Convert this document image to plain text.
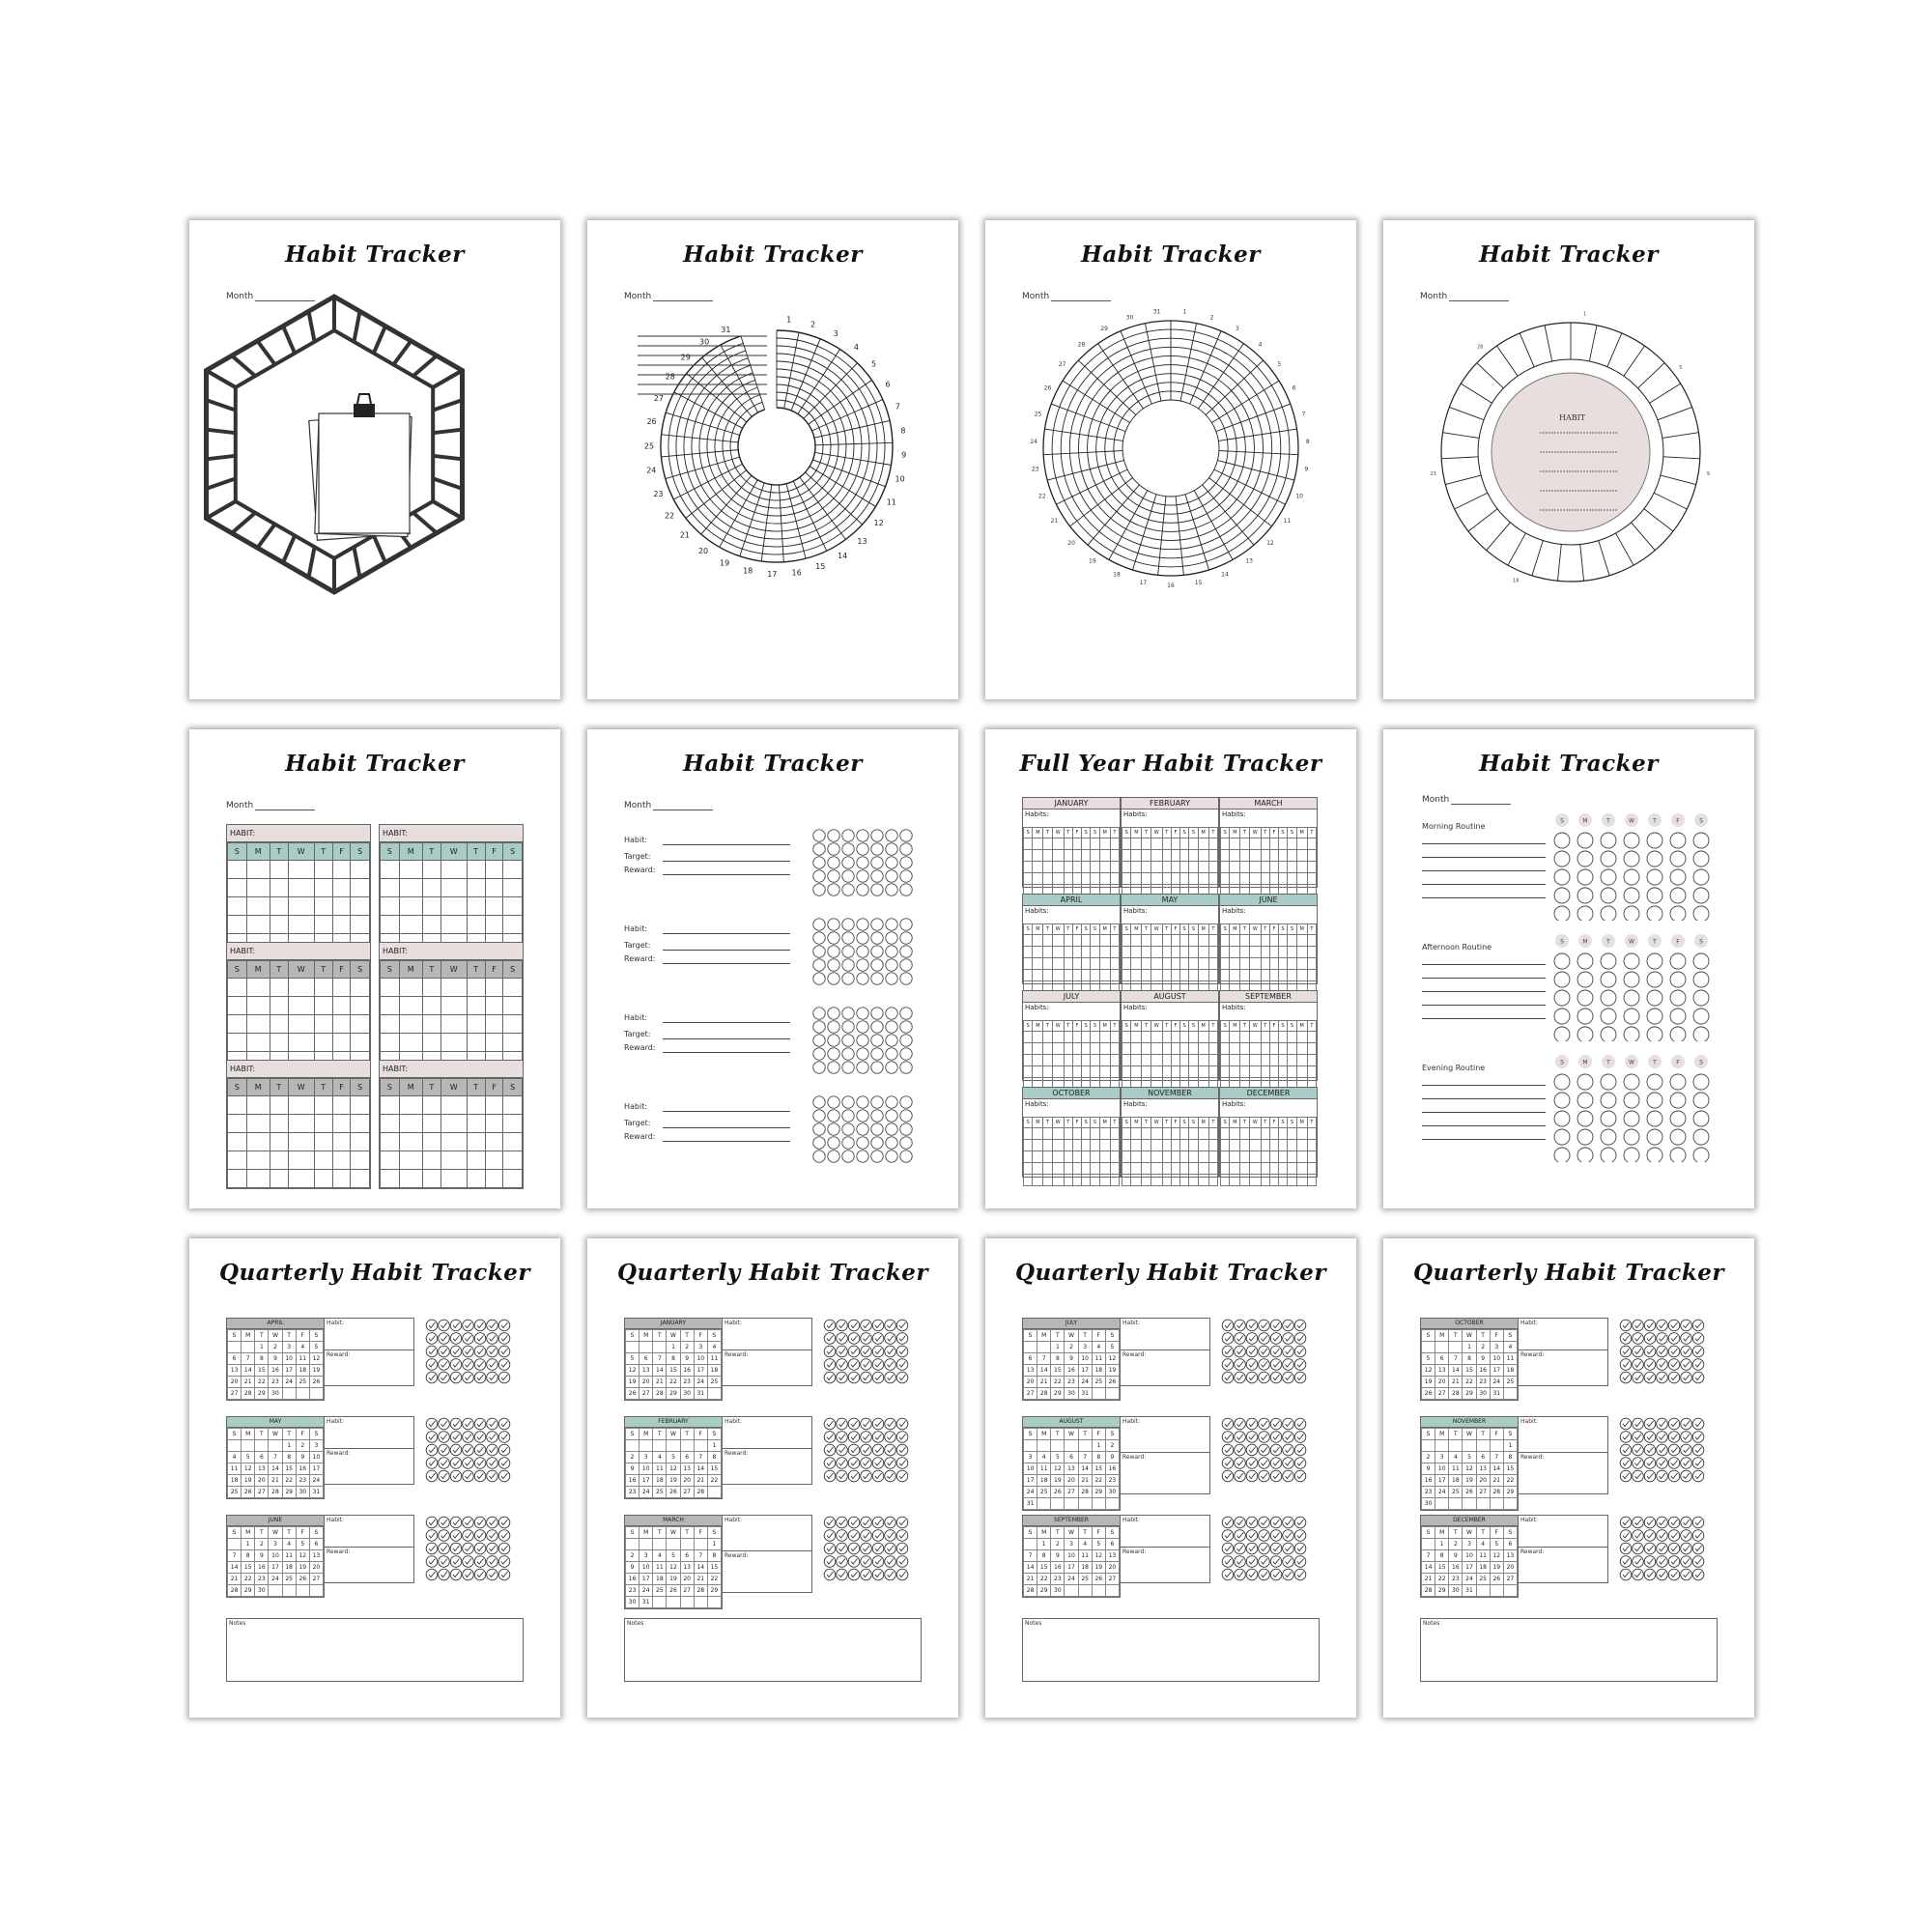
Habit Tracker
Month
Habit Tracker
Month
1
2
3
4
5
6
7
8
9
10
11
12
13
14
15
16
17
18
19
20
21
22
23
24
25
26
27
28
29
30
31
Habit Tracker
Month
1
2
3
4
5
6
7
8
9
10
11
12
13
14
15
16
17
18
19
20
21
22
23
24
25
26
27
28
29
30
31
Habit Tracker
Month
HABIT
1
5
9
18
23
28
Habit Tracker
Month
HABIT:
S	M	T	W	T	F	S

HABIT:
S	M	T	W	T	F	S

HABIT:
S	M	T	W	T	F	S

HABIT:
S	M	T	W	T	F	S

HABIT:
S	M	T	W	T	F	S

HABIT:
S	M	T	W	T	F	S

Habit Tracker
Month
Habit:
Target:
Reward:
Habit:
Target:
Reward:
Habit:
Target:
Reward:
Habit:
Target:
Reward:
Full Year Habit Tracker
JANUARY
Habits:
S	M	T	W	T	F	S	S	M	T

FEBRUARY
Habits:
S	M	T	W	T	F	S	S	M	T

MARCH
Habits:
S	M	T	W	T	F	S	S	M	T

APRIL
Habits:
S	M	T	W	T	F	S	S	M	T

MAY
Habits:
S	M	T	W	T	F	S	S	M	T

JUNE
Habits:
S	M	T	W	T	F	S	S	M	T

JULY
Habits:
S	M	T	W	T	F	S	S	M	T

AUGUST
Habits:
S	M	T	W	T	F	S	S	M	T

SEPTEMBER
Habits:
S	M	T	W	T	F	S	S	M	T

OCTOBER
Habits:
S	M	T	W	T	F	S	S	M	T

NOVEMBER
Habits:
S	M	T	W	T	F	S	S	M	T

DECEMBER
Habits:
S	M	T	W	T	F	S	S	M	T

Habit Tracker
Month
Morning Routine
S	M	T	W	T	F	S
Afternoon Routine
S	M	T	W	T	F	S
Evening Routine
S	M	T	W	T	F	S
Quarterly Habit Tracker
APRIL
S	M	T	W	T	F	S
		1	2	3	4	5
6	7	8	9	10	11	12
13	14	15	16	17	18	19
20	21	22	23	24	25	26
27	28	29	30			
Habit:
Reward:
MAY
S	M	T	W	T	F	S
				1	2	3
4	5	6	7	8	9	10
11	12	13	14	15	16	17
18	19	20	21	22	23	24
25	26	27	28	29	30	31
Habit:
Reward:
JUNE
S	M	T	W	T	F	S
	1	2	3	4	5	6
7	8	9	10	11	12	13
14	15	16	17	18	19	20
21	22	23	24	25	26	27
28	29	30				
Habit:
Reward:
Notes
Quarterly Habit Tracker
JANUARY
S	M	T	W	T	F	S
			1	2	3	4
5	6	7	8	9	10	11
12	13	14	15	16	17	18
19	20	21	22	23	24	25
26	27	28	29	30	31	
Habit:
Reward:
FEBRUARY
S	M	T	W	T	F	S
						1
2	3	4	5	6	7	8
9	10	11	12	13	14	15
16	17	18	19	20	21	22
23	24	25	26	27	28	
Habit:
Reward:
MARCH
S	M	T	W	T	F	S
						1
2	3	4	5	6	7	8
9	10	11	12	13	14	15
16	17	18	19	20	21	22
23	24	25	26	27	28	29
30	31					
Habit:
Reward:
Notes
Quarterly Habit Tracker
JULY
S	M	T	W	T	F	S
		1	2	3	4	5
6	7	8	9	10	11	12
13	14	15	16	17	18	19
20	21	22	23	24	25	26
27	28	29	30	31		
Habit:
Reward:
AUGUST
S	M	T	W	T	F	S
					1	2
3	4	5	6	7	8	9
10	11	12	13	14	15	16
17	18	19	20	21	22	23
24	25	26	27	28	29	30
31						
Habit:
Reward:
SEPTEMBER
S	M	T	W	T	F	S
	1	2	3	4	5	6
7	8	9	10	11	12	13
14	15	16	17	18	19	20
21	22	23	24	25	26	27
28	29	30				
Habit:
Reward:
Notes
Quarterly Habit Tracker
OCTOBER
S	M	T	W	T	F	S
			1	2	3	4
5	6	7	8	9	10	11
12	13	14	15	16	17	18
19	20	21	22	23	24	25
26	27	28	29	30	31	
Habit:
Reward:
NOVEMBER
S	M	T	W	T	F	S
						1
2	3	4	5	6	7	8
9	10	11	12	13	14	15
16	17	18	19	20	21	22
23	24	25	26	27	28	29
30						
Habit:
Reward:
DECEMBER
S	M	T	W	T	F	S
	1	2	3	4	5	6
7	8	9	10	11	12	13
14	15	16	17	18	19	20
21	22	23	24	25	26	27
28	29	30	31			
Habit:
Reward:
Notes
